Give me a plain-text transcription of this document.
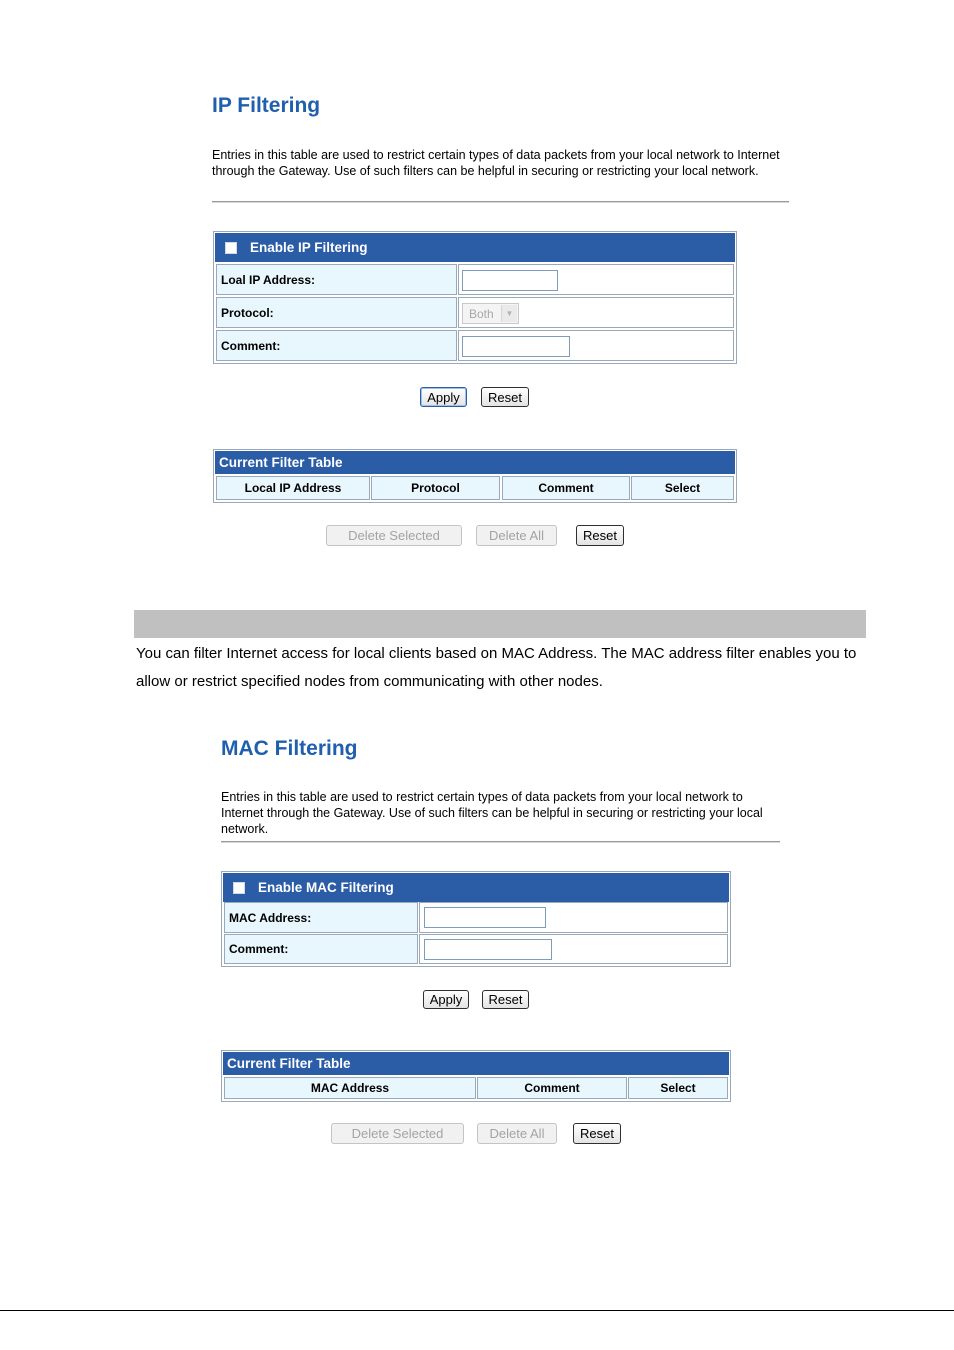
IP Filtering
Entries in this table are used to restrict certain types of data packets from your local network to Internet through the Gateway. Use of such filters can be helpful in securing or restricting your local network.
Enable IP Filtering
Loal IP Address:
Protocol:	Both	▼
Comment:
Apply	Reset
Current Filter Table
Local IP Address	Protocol	Comment	Select
Delete Selected	Delete All	Reset
You can filter Internet access for local clients based on MAC Address. The MAC address filter enables you to allow or restrict specified nodes from communicating with other nodes.
MAC Filtering
Entries in this table are used to restrict certain types of data packets from your local network to Internet through the Gateway. Use of such filters can be helpful in securing or restricting your local network.
Enable MAC Filtering
MAC Address:
Comment:
Apply	Reset
Current Filter Table
MAC Address	Comment	Select
Delete Selected	Delete All	Reset
